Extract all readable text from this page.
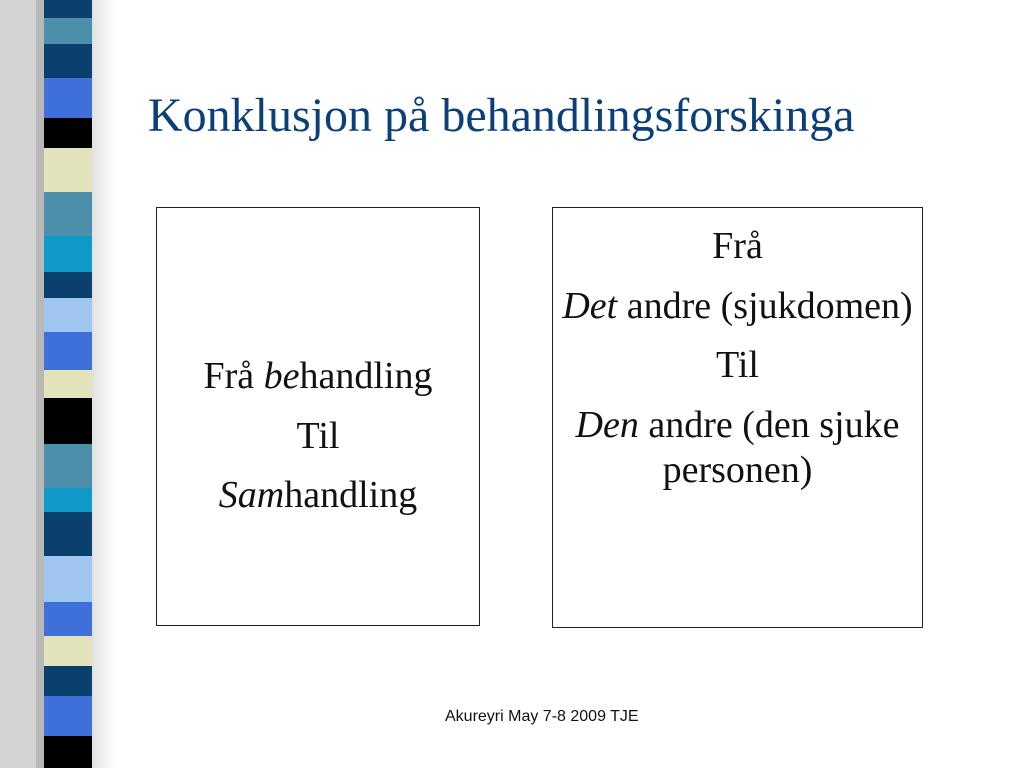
Konklusjon på behandlingsforskinga

Frå behandling

Til

Samhandling

Frå

Det andre (sjukdomen)

Til

Den andre (den sjuke personen)

Akureyri May 7-8 2009 TJE
